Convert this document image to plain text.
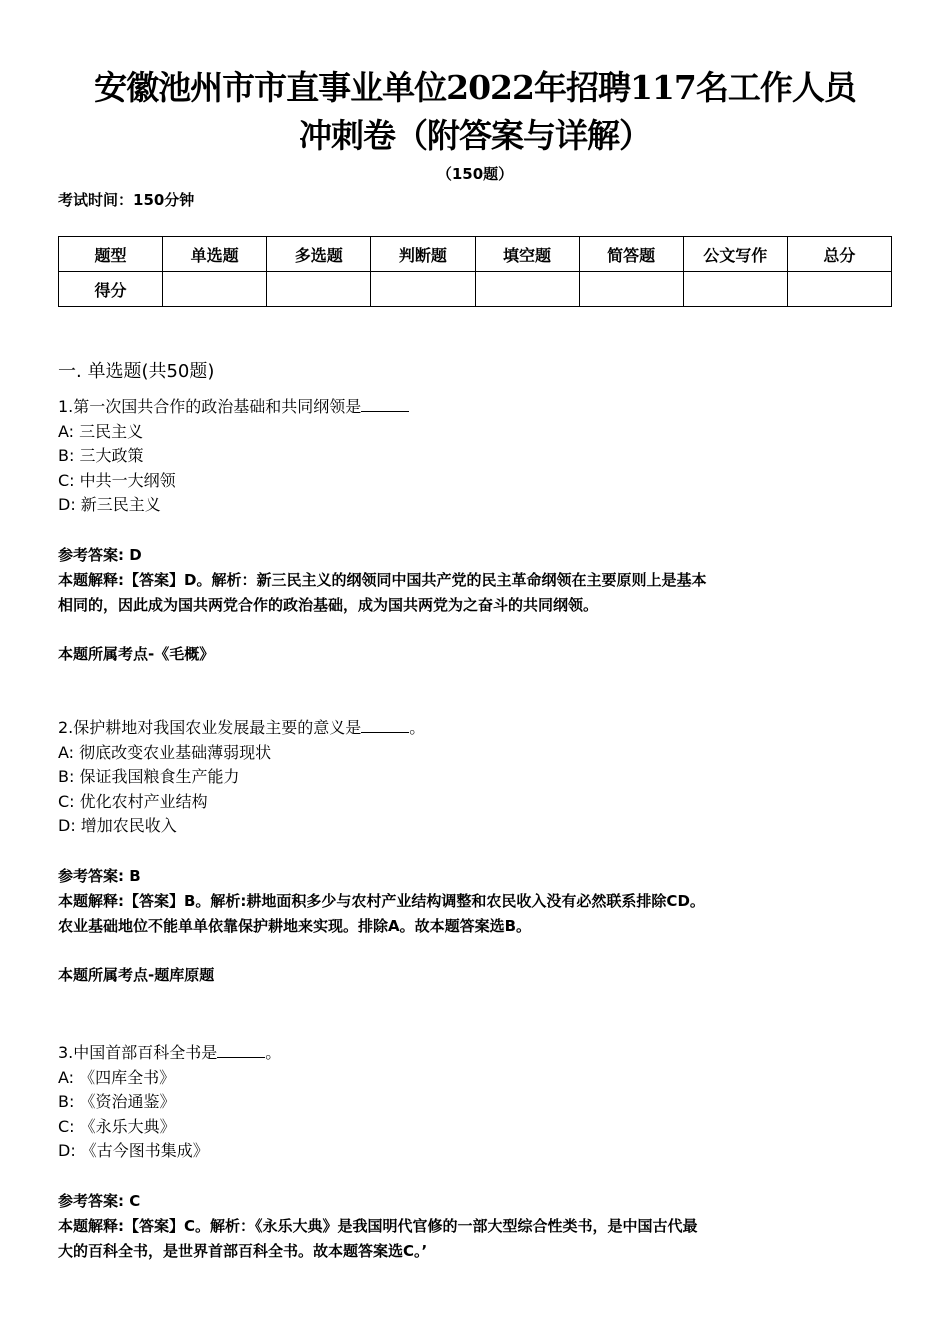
安徽池州市市直事业单位2022年招聘117名工作人员
冲刺卷（附答案与详解）
（150题）
考试时间：150分钟
题型	单选题	多选题	判断题	填空题	简答题	公文写作	总分
得分							
一. 单选题(共50题)
1.第一次国共合作的政治基础和共同纲领是
A: 三民主义
B: 三大政策
C: 中共一大纲领
D: 新三民主义
参考答案: D
本题解释:【答案】D。解析：新三民主义的纲领同中国共产党的民主革命纲领在主要原则上是基本
相同的，因此成为国共两党合作的政治基础，成为国共两党为之奋斗的共同纲领。
本题所属考点-《毛概》
2.保护耕地对我国农业发展最主要的意义是	。
A: 彻底改变农业基础薄弱现状
B: 保证我国粮食生产能力
C: 优化农村产业结构
D: 增加农民收入
参考答案: B
本题解释:【答案】B。解析:耕地面积多少与农村产业结构调整和农民收入没有必然联系排除CD。
农业基础地位不能单单依靠保护耕地来实现。排除A。故本题答案选B。
本题所属考点-题库原题
3.中国首部百科全书是	。
A: 《四库全书》
B: 《资治通鉴》
C: 《永乐大典》
D: 《古今图书集成》
参考答案: C
本题解释:【答案】C。解析：《永乐大典》是我国明代官修的一部大型综合性类书，是中国古代最
大的百科全书，是世界首部百科全书。故本题答案选C。’
